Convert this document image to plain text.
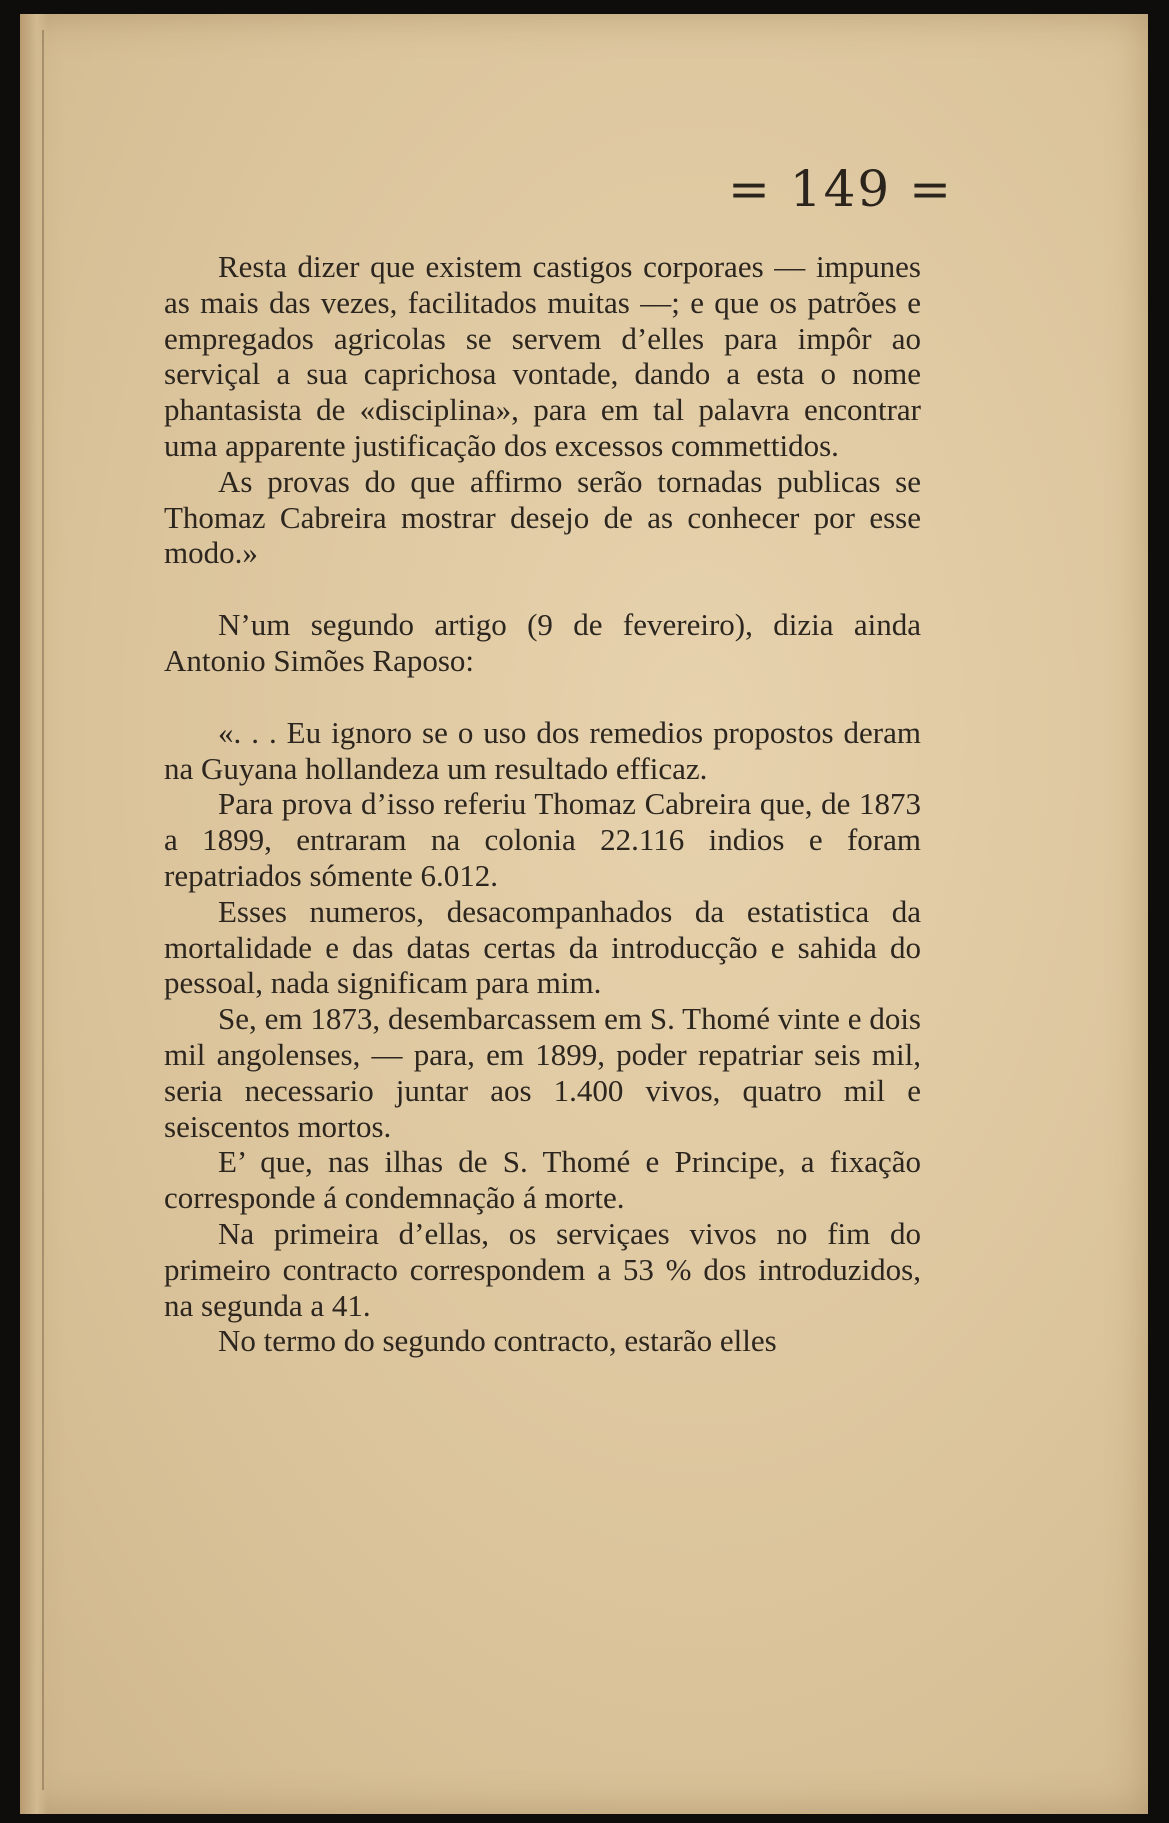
= 149 =

Resta dizer que existem castigos corporaes — impunes as mais das vezes, facilitados muitas —; e que os patrões e empregados agricolas se servem d’elles para impôr ao serviçal a sua caprichosa vontade, dando a esta o nome phantasista de «disciplina», para em tal palavra encontrar uma apparente justificação dos excessos commettidos.

As provas do que affirmo serão tornadas publicas se Thomaz Cabreira mostrar desejo de as conhecer por esse modo.»

N’um segundo artigo (9 de fevereiro), dizia ainda Antonio Simões Raposo:

«. . . Eu ignoro se o uso dos remedios propostos deram na Guyana hollandeza um resultado efficaz.

Para prova d’isso referiu Thomaz Cabreira que, de 1873 a 1899, entraram na colonia 22.116 indios e foram repatriados sómente 6.012.

Esses numeros, desacompanhados da estatistica da mortalidade e das datas certas da introducção e sahida do pessoal, nada significam para mim.

Se, em 1873, desembarcassem em S. Thomé vinte e dois mil angolenses, — para, em 1899, poder repatriar seis mil, seria necessario juntar aos 1.400 vivos, quatro mil e seiscentos mortos.

E’ que, nas ilhas de S. Thomé e Principe, a fixação corresponde á condemnação á morte.

Na primeira d’ellas, os serviçaes vivos no fim do primeiro contracto correspondem a 53 % dos introduzidos, na segunda a 41.

No termo do segundo contracto, estarão elles
